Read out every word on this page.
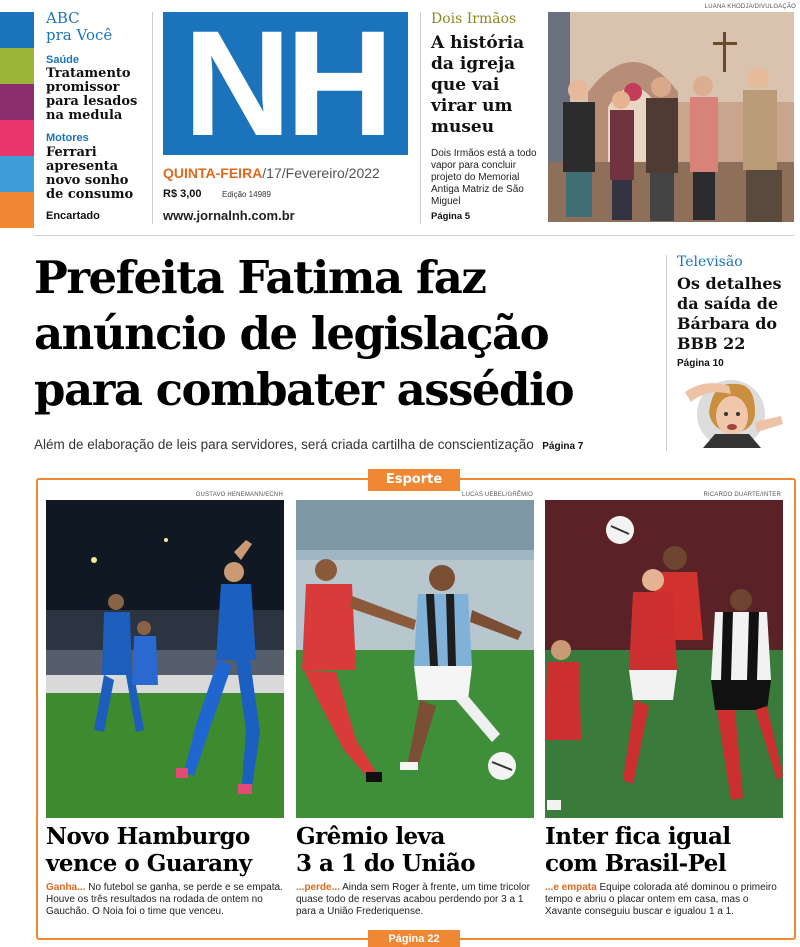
ABC
pra Você
Saúde
Tratamento promissor para lesados na medula
Motores
Ferrari apresenta novo sonho de consumo
Encartado
NH
QUINTA-FEIRA/17/Fevereiro/2022
R$ 3,00	Edição 14989
www.jornalnh.com.br
Dois Irmãos
A história da igreja que vai virar um museu
Dois Irmãos está a todo vapor para concluir projeto do Memorial Antiga Matriz de São Miguel
Página 5
LUANA KHODJA/DIVULGAÇÃO
Prefeita Fatima faz anúncio de legislação para combater assédio
Além de elaboração de leis para servidores, será criada cartilha de conscientização Página 7
Televisão
Os detalhes da saída de Bárbara do BBB 22
Página 10
Esporte
GUSTAVO HENEMANN/ECNH
Novo Hamburgo
vence o Guarany
Ganha... No futebol se ganha, se perde e se empata. Houve os três resultados na rodada de ontem no Gauchão. O Noia foi o time que venceu.
LUCAS UEBEL/GRÊMIO
Grêmio leva
3 a 1 do União
...perde... Ainda sem Roger à frente, um time tricolor quase todo de reservas acabou perdendo por 3 a 1 para a União Frederiquense.
RICARDO DUARTE/INTER
Inter fica igual
com Brasil-Pel
...e empata Equipe colorada até dominou o primeiro tempo e abriu o placar ontem em casa, mas o Xavante conseguiu buscar e igualou 1 a 1.
Página 22
